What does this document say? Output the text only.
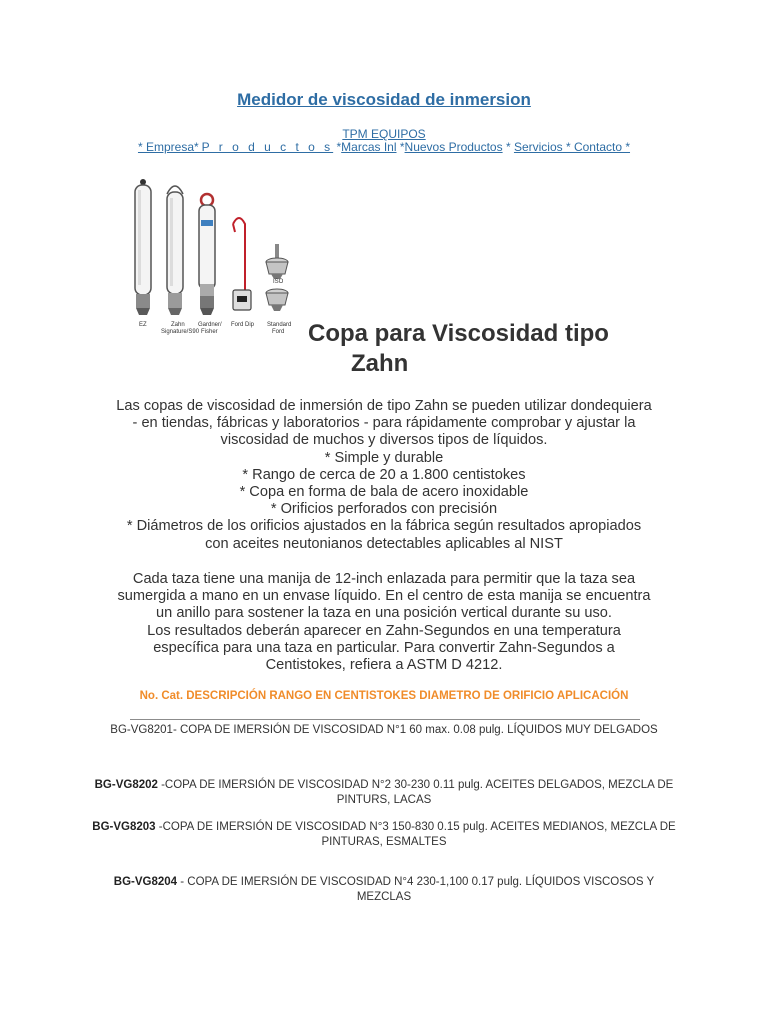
Medidor de viscosidad de inmersion
TPM EQUIPOS
* Empresa*P r o d u c t o s *Marcas Inl *Nuevos Productos * Servicios * Contacto *
EZ	Zahn
Signature/S90
Gardner/
Fisher
Ford Dip Standard
Ford
ISO
Copa para Viscosidad tipo
Zahn
Las copas de viscosidad de inmersión de tipo Zahn se pueden utilizar dondequiera
- en tiendas, fábricas y laboratorios - para rápidamente comprobar y ajustar la
viscosidad de muchos y diversos tipos de líquidos.
* Simple y durable
* Rango de cerca de 20 a 1.800 centistokes
* Copa en forma de bala de acero inoxidable
* Orificios perforados con precisión
* Diámetros de los orificios ajustados en la fábrica según resultados apropiados
con aceites neutonianos detectables aplicables al NIST
Cada taza tiene una manija de 12-inch enlazada para permitir que la taza sea
sumergida a mano en un envase líquido. En el centro de esta manija se encuentra
un anillo para sostener la taza en una posición vertical durante su uso.
Los resultados deberán aparecer en Zahn-Segundos en una temperatura
específica para una taza en particular. Para convertir Zahn-Segundos a
Centistokes, refiera a ASTM D 4212.
No. Cat. DESCRIPCIÓN RANGO EN CENTISTOKES DIAMETRO DE ORIFICIO APLICACIÓN
BG-VG8201- COPA DE IMERSIÓN DE VISCOSIDAD N°1 60 max. 0.08 pulg. LÍQUIDOS MUY DELGADOS
BG-VG8202 -COPA DE IMERSIÓN DE VISCOSIDAD N°2 30-230 0.11 pulg. ACEITES DELGADOS, MEZCLA DE PINTURS, LACAS
BG-VG8203 -COPA DE IMERSIÓN DE VISCOSIDAD N°3 150-830 0.15 pulg. ACEITES MEDIANOS, MEZCLA DE PINTURAS, ESMALTES
BG-VG8204 - COPA DE IMERSIÓN DE VISCOSIDAD N°4 230-1,100 0.17 pulg. LÍQUIDOS VISCOSOS Y MEZCLAS
